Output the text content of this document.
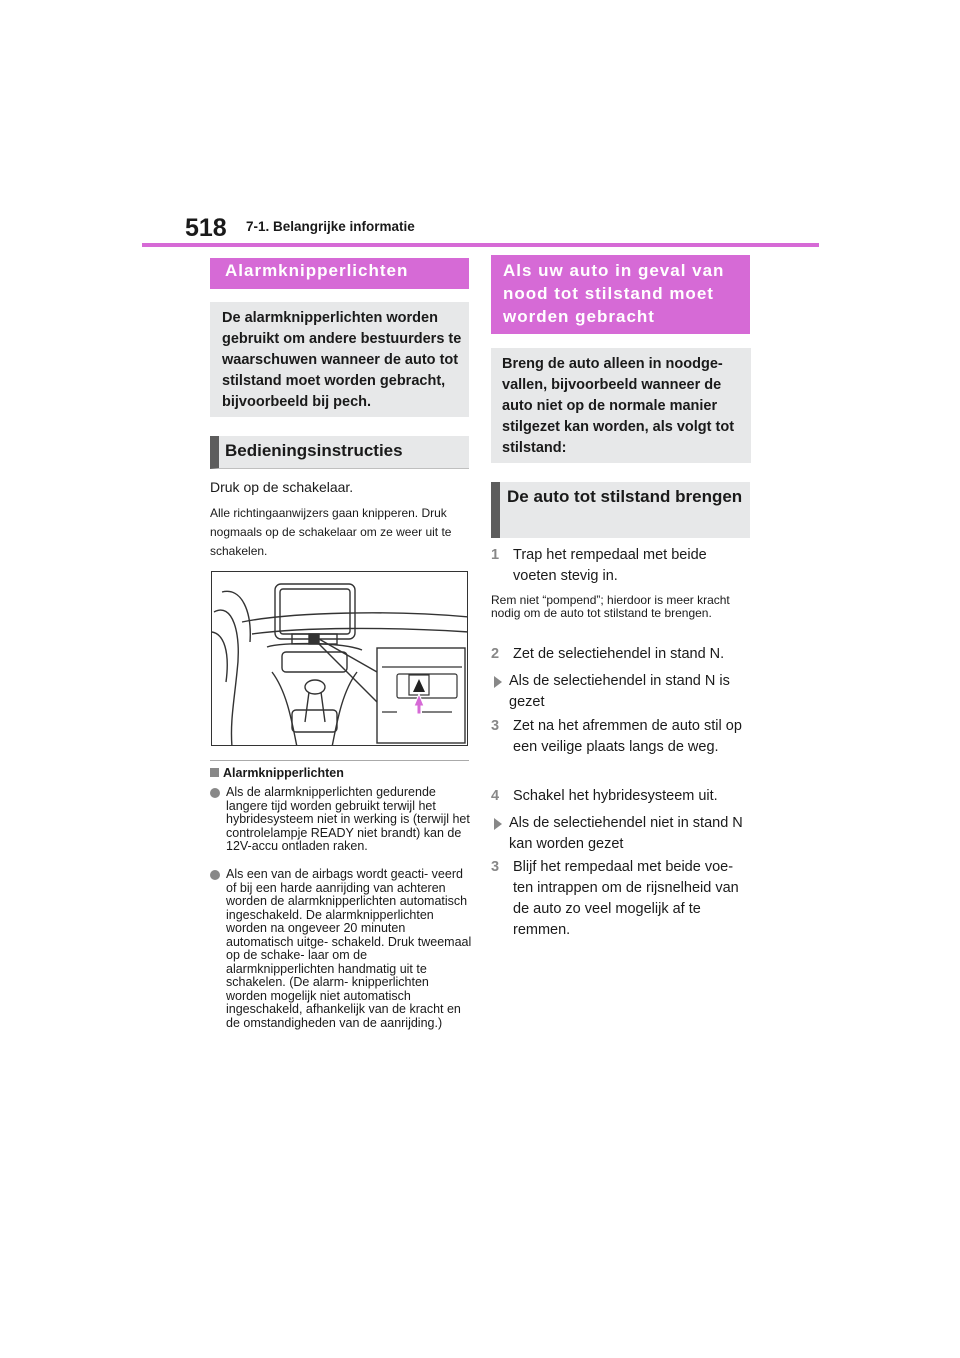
518 7-1. Belangrijke informatie
Alarmknipperlichten
De alarmknipperlichten worden gebruikt om andere bestuurders te waarschuwen wanneer de auto tot stilstand moet worden gebracht, bijvoorbeeld bij pech.
Bedieningsinstructies
Druk op de schakelaar.
Alle richtingaanwijzers gaan knipperen. Druk nogmaals op de schakelaar om ze weer uit te schakelen.
Alarmknipperlichten
Als de alarmknipperlichten gedurende langere tijd worden gebruikt terwijl het hybridesysteem niet in werking is (terwijl het controlelampje READY niet brandt) kan de 12V-accu ontladen raken.
Als een van de airbags wordt geacti- veerd of bij een harde aanrijding van achteren worden de alarmknipperlichten automatisch ingeschakeld. De alarmknipperlichten worden na ongeveer 20 minuten automatisch uitge- schakeld. Druk tweemaal op de schake- laar om de alarmknipperlichten handmatig uit te schakelen. (De alarm- knipperlichten worden mogelijk niet automatisch ingeschakeld, afhankelijk van de kracht en de omstandigheden van de aanrijding.)
Als uw auto in geval van nood tot stilstand moet worden gebracht
Breng de auto alleen in noodge- vallen, bijvoorbeeld wanneer de auto niet op de normale manier stilgezet kan worden, als volgt tot stilstand:
De auto tot stilstand brengen
1 Trap het rempedaal met beide voeten stevig in.
Rem niet “pompend”; hierdoor is meer kracht nodig om de auto tot stilstand te brengen.
2 Zet de selectiehendel in stand N.
Als de selectiehendel in stand N is gezet
3 Zet na het afremmen de auto stil op een veilige plaats langs de weg.
4 Schakel het hybridesysteem uit.
Als de selectiehendel niet in stand N kan worden gezet
3 Blijf het rempedaal met beide voe- ten intrappen om de rijsnelheid van de auto zo veel mogelijk af te remmen.
